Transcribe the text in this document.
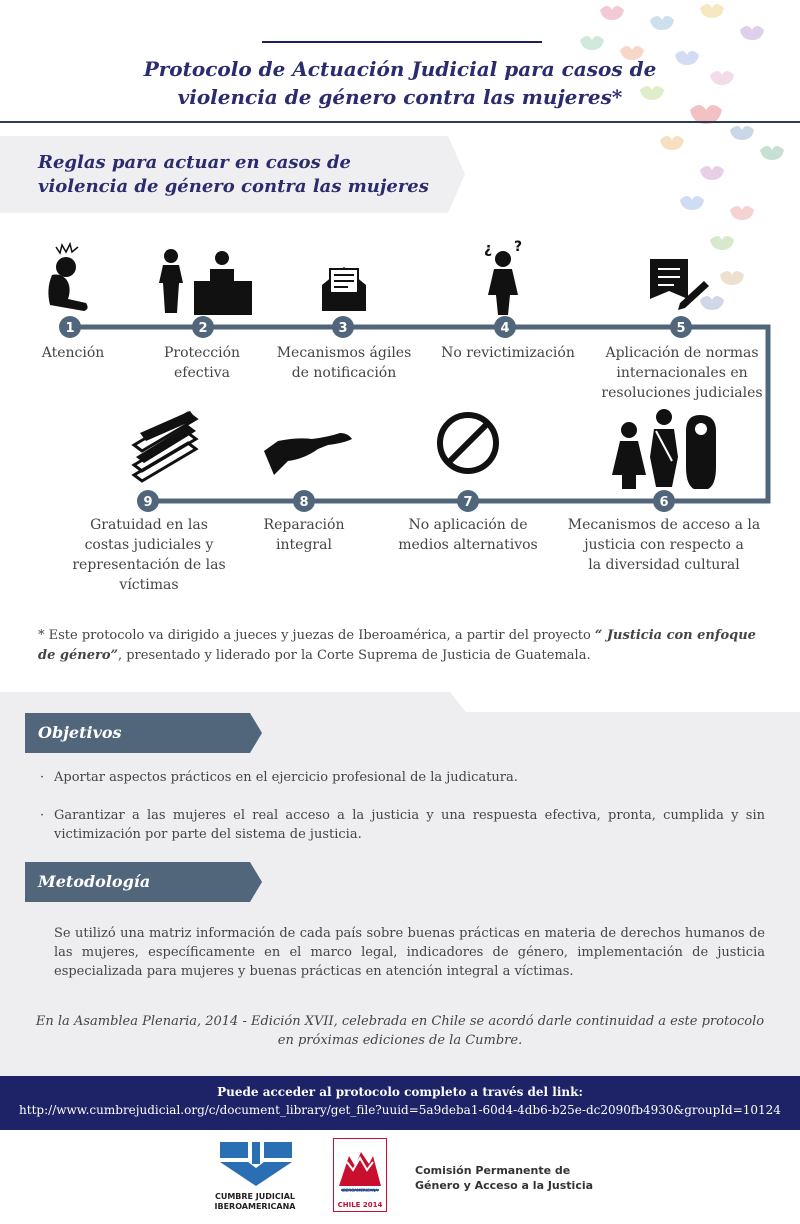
Protocolo de Actuación Judicial para casos de
violencia de género contra las mujeres*
Reglas para actuar en casos de
violencia de género contra las mujeres
¿ ?
1	2	3	4	5
6
7
8
9
Atención	Protección
efectiva
Mecanismos ágiles
de notificación
No revictimización	Aplicación de normas
internacionales en
resoluciones judiciales
Mecanismos de acceso a la
justicia con respecto a
la diversidad cultural
No aplicación de
medios alternativos
Reparación
integral
Gratuidad en las
costas judiciales y
representación de las
víctimas
* Este protocolo va dirigido a jueces y juezas de Iberoamérica, a partir del proyecto “ Justicia con enfoque de género”, presentado y liderado por la Corte Suprema de Justicia de Guatemala.
Objetivos
· Aportar aspectos prácticos en el ejercicio profesional de la judicatura.
· Garantizar a las mujeres el real acceso a la justicia y una respuesta efectiva, pronta, cumplida y sin victimización por parte del sistema de justicia.
Metodología
Se utilizó una matriz información de cada país sobre buenas prácticas en materia de derechos humanos de las mujeres, específicamente en el marco legal, indicadores de género, implementación de justicia especializada para mujeres y buenas prácticas en atención integral a víctimas.
En la Asamblea Plenaria, 2014 - Edición XVII, celebrada en Chile se acordó darle continuidad a este protocolo en próximas ediciones de la Cumbre.
Puede acceder al protocolo completo a través del link:
http://www.cumbrejudicial.org/c/document_library/get_file?uuid=5a9deba1-60d4-4db6-b25e-dc2090fb4930&groupId=10124
CUMBRE JUDICIAL
IBEROAMERICANA
IBEROAMERICANA
CHILE 2014
Comisión Permanente de
Género y Acceso a la Justicia
